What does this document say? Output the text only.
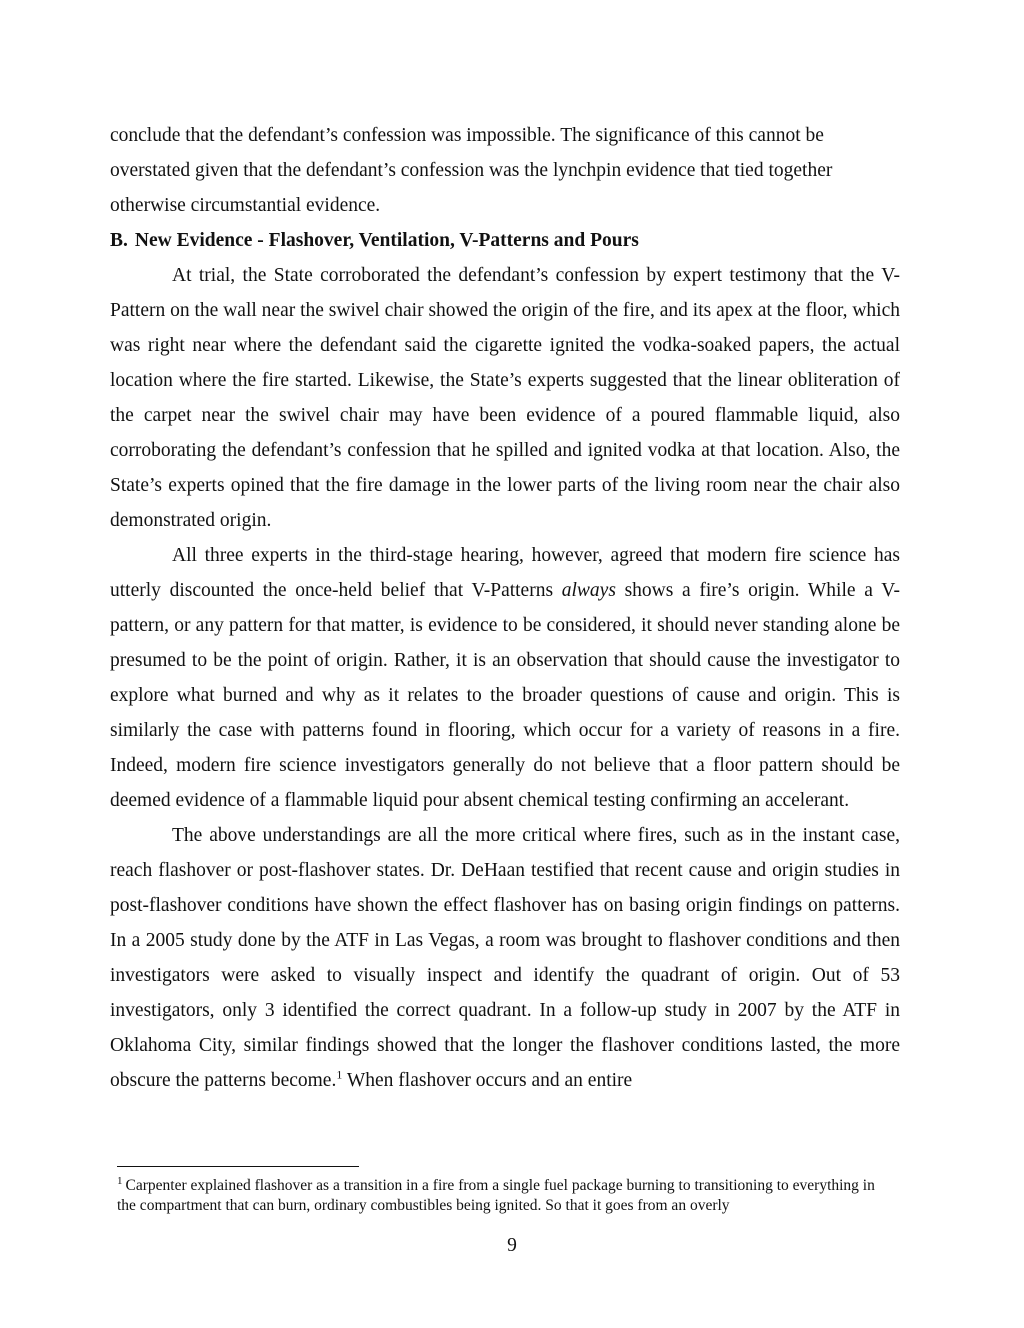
conclude that the defendant’s confession was impossible. The significance of this cannot be overstated given that the defendant’s confession was the lynchpin evidence that tied together otherwise circumstantial evidence.

B. New Evidence - Flashover, Ventilation, V-Patterns and Pours

At trial, the State corroborated the defendant’s confession by expert testimony that the V-Pattern on the wall near the swivel chair showed the origin of the fire, and its apex at the floor, which was right near where the defendant said the cigarette ignited the vodka-soaked papers, the actual location where the fire started. Likewise, the State’s experts suggested that the linear obliteration of the carpet near the swivel chair may have been evidence of a poured flammable liquid, also corroborating the defendant’s confession that he spilled and ignited vodka at that location. Also, the State’s experts opined that the fire damage in the lower parts of the living room near the chair also demonstrated origin.

All three experts in the third-stage hearing, however, agreed that modern fire science has utterly discounted the once-held belief that V-Patterns always shows a fire’s origin. While a V-pattern, or any pattern for that matter, is evidence to be considered, it should never standing alone be presumed to be the point of origin. Rather, it is an observation that should cause the investigator to explore what burned and why as it relates to the broader questions of cause and origin. This is similarly the case with patterns found in flooring, which occur for a variety of reasons in a fire. Indeed, modern fire science investigators generally do not believe that a floor pattern should be deemed evidence of a flammable liquid pour absent chemical testing confirming an accelerant.

The above understandings are all the more critical where fires, such as in the instant case, reach flashover or post-flashover states. Dr. DeHaan testified that recent cause and origin studies in post-flashover conditions have shown the effect flashover has on basing origin findings on patterns. In a 2005 study done by the ATF in Las Vegas, a room was brought to flashover conditions and then investigators were asked to visually inspect and identify the quadrant of origin. Out of 53 investigators, only 3 identified the correct quadrant. In a follow-up study in 2007 by the ATF in Oklahoma City, similar findings showed that the longer the flashover conditions lasted, the more obscure the patterns become.$^1$ When flashover occurs and an entire

$^1$ Carpenter explained flashover as a transition in a fire from a single fuel package burning to transitioning to everything in the compartment that can burn, ordinary combustibles being ignited. So that it goes from an overly
9
